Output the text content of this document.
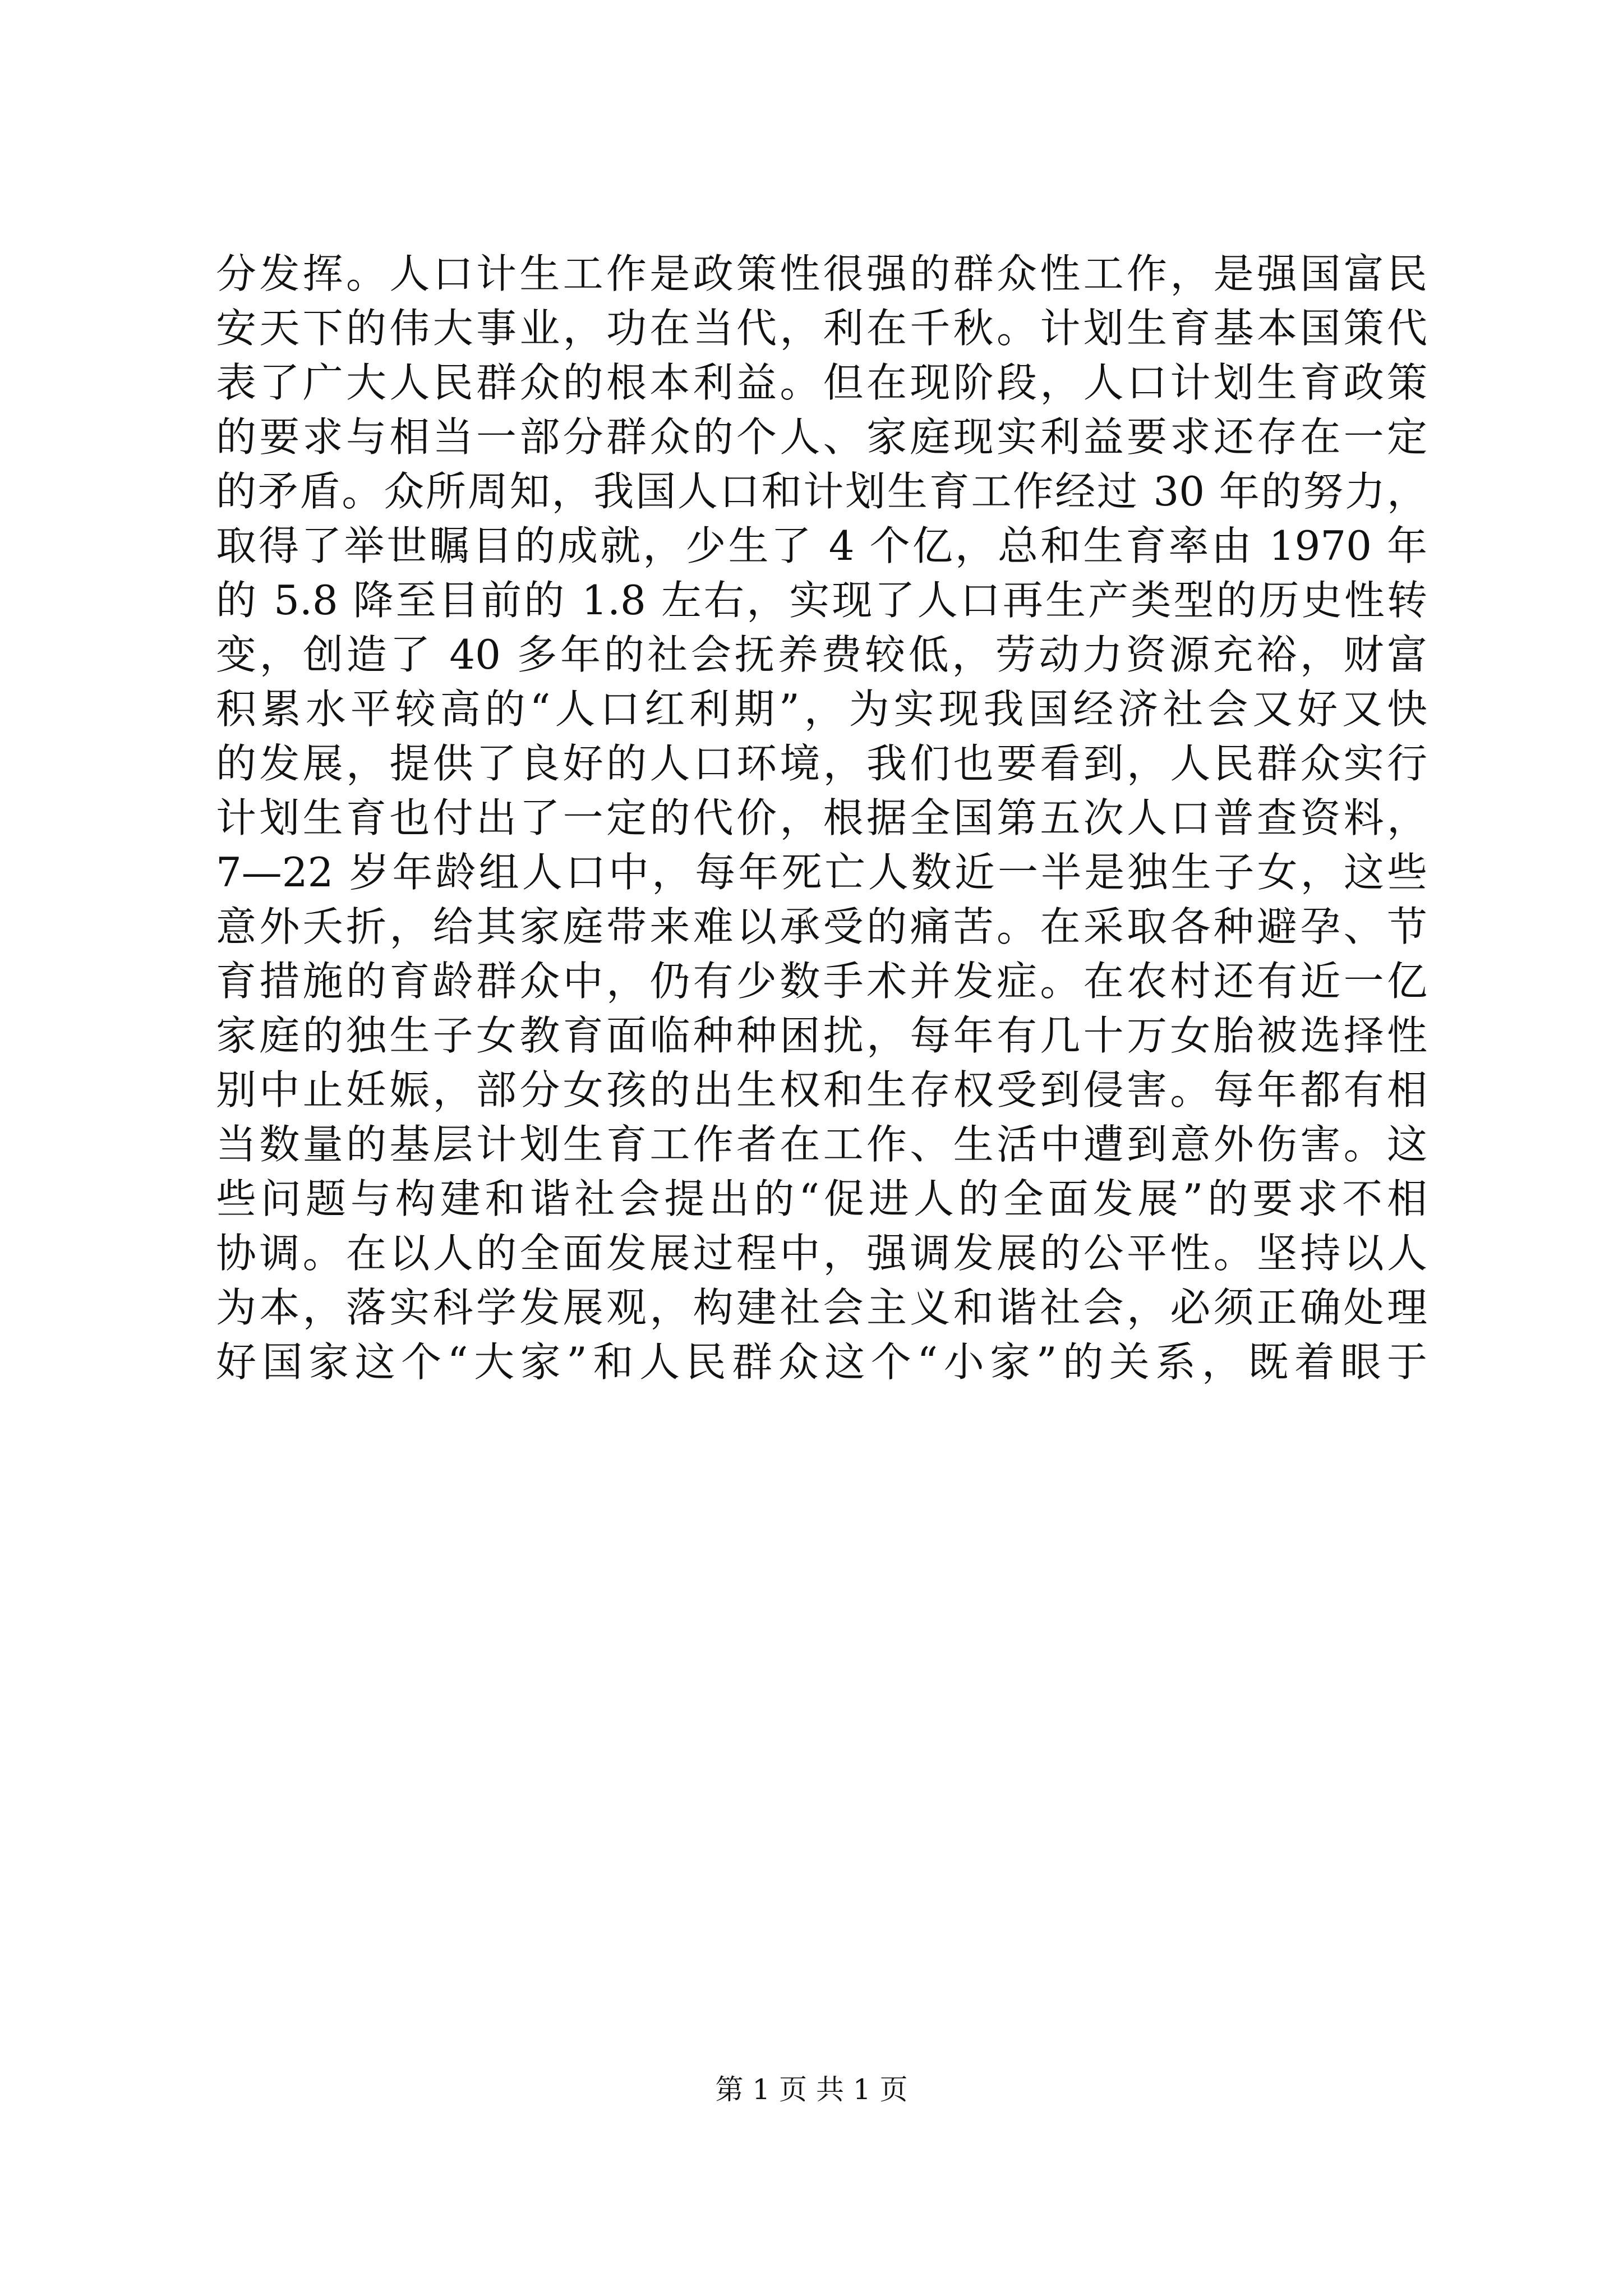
分发挥。人口计生工作是政策性很强的群众性工作，是强国富民
安天下的伟大事业，功在当代，利在千秋。计划生育基本国策代
表了广大人民群众的根本利益。但在现阶段，人口计划生育政策
的要求与相当一部分群众的个人、家庭现实利益要求还存在一定
的矛盾。众所周知，我国人口和计划生育工作经过 30 年的努力，
取得了举世瞩目的成就，少生了 4 个亿，总和生育率由 1970 年
的 5.8 降至目前的 1.8 左右，实现了人口再生产类型的历史性转
变，创造了 40 多年的社会抚养费较低，劳动力资源充裕，财富
积累水平较高的“人口红利期”，为实现我国经济社会又好又快
的发展，提供了良好的人口环境，我们也要看到，人民群众实行
计划生育也付出了一定的代价，根据全国第五次人口普查资料，
7—22 岁年龄组人口中，每年死亡人数近一半是独生子女，这些
意外夭折，给其家庭带来难以承受的痛苦。在采取各种避孕、节
育措施的育龄群众中，仍有少数手术并发症。在农村还有近一亿
家庭的独生子女教育面临种种困扰，每年有几十万女胎被选择性
别中止妊娠，部分女孩的出生权和生存权受到侵害。每年都有相
当数量的基层计划生育工作者在工作、生活中遭到意外伤害。这
些问题与构建和谐社会提出的“促进人的全面发展”的要求不相
协调。在以人的全面发展过程中，强调发展的公平性。坚持以人
为本，落实科学发展观，构建社会主义和谐社会，必须正确处理
好国家这个“大家”和人民群众这个“小家”的关系，既着眼于
第 1 页 共 1 页
